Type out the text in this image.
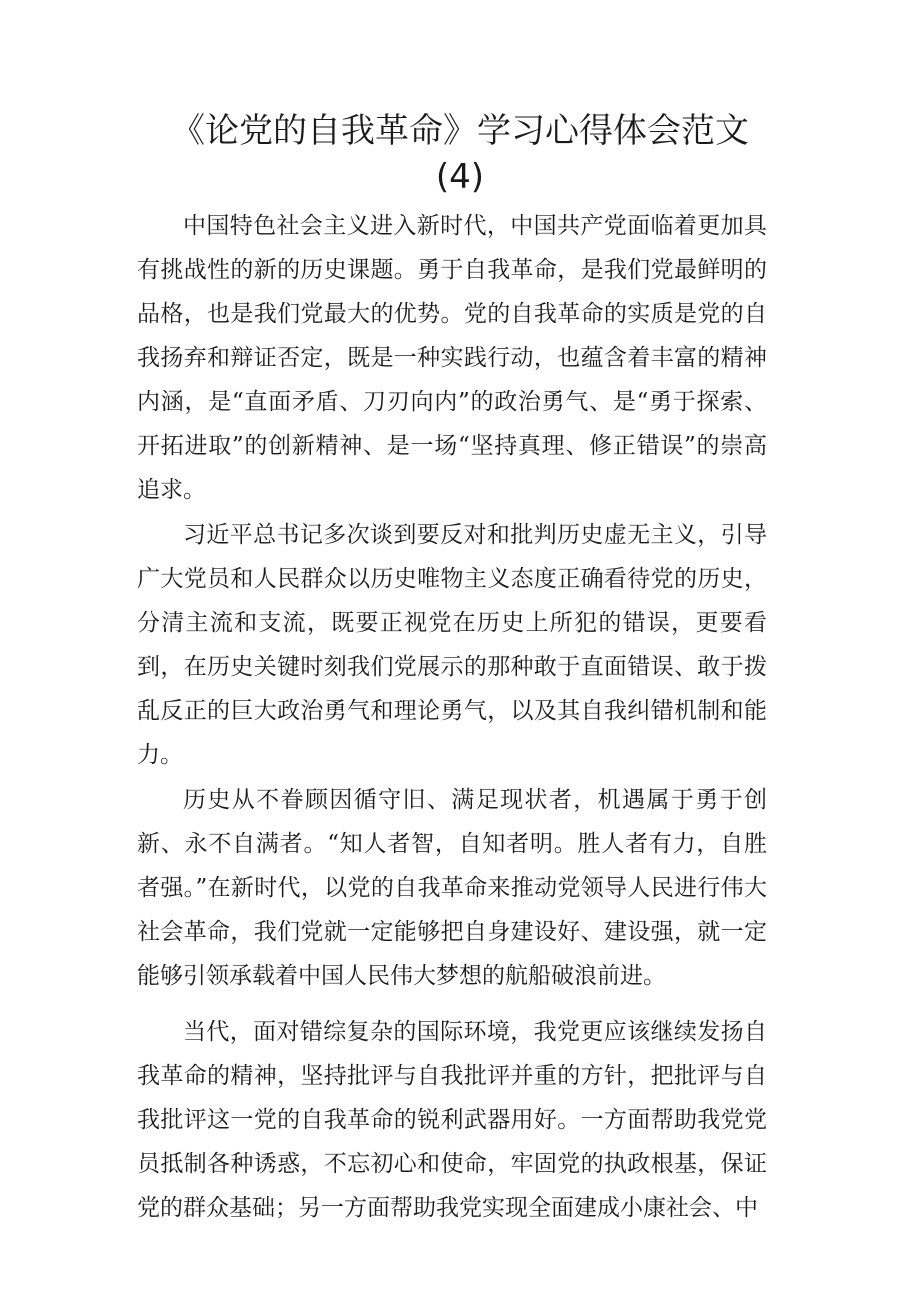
《论党的自我革命》学习心得体会范文
(4)

中国特色社会主义进入新时代，中国共产党面临着更加具有挑战性的新的历史课题。勇于自我革命，是我们党最鲜明的品格，也是我们党最大的优势。党的自我革命的实质是党的自我扬弃和辩证否定，既是一种实践行动，也蕴含着丰富的精神内涵，是“直面矛盾、刀刃向内”的政治勇气、是“勇于探索、开拓进取”的创新精神、是一场“坚持真理、修正错误”的崇高追求。

习近平总书记多次谈到要反对和批判历史虚无主义，引导广大党员和人民群众以历史唯物主义态度正确看待党的历史，分清主流和支流，既要正视党在历史上所犯的错误，更要看到，在历史关键时刻我们党展示的那种敢于直面错误、敢于拨乱反正的巨大政治勇气和理论勇气，以及其自我纠错机制和能力。

历史从不眷顾因循守旧、满足现状者，机遇属于勇于创新、永不自满者。“知人者智，自知者明。胜人者有力，自胜者强。”在新时代，以党的自我革命来推动党领导人民进行伟大社会革命，我们党就一定能够把自身建设好、建设强，就一定能够引领承载着中国人民伟大梦想的航船破浪前进。

当代，面对错综复杂的国际环境，我党更应该继续发扬自我革命的精神，坚持批评与自我批评并重的方针，把批评与自我批评这一党的自我革命的锐利武器用好。一方面帮助我党党员抵制各种诱惑，不忘初心和使命，牢固党的执政根基，保证党的群众基础；另一方面帮助我党实现全面建成小康社会、中
